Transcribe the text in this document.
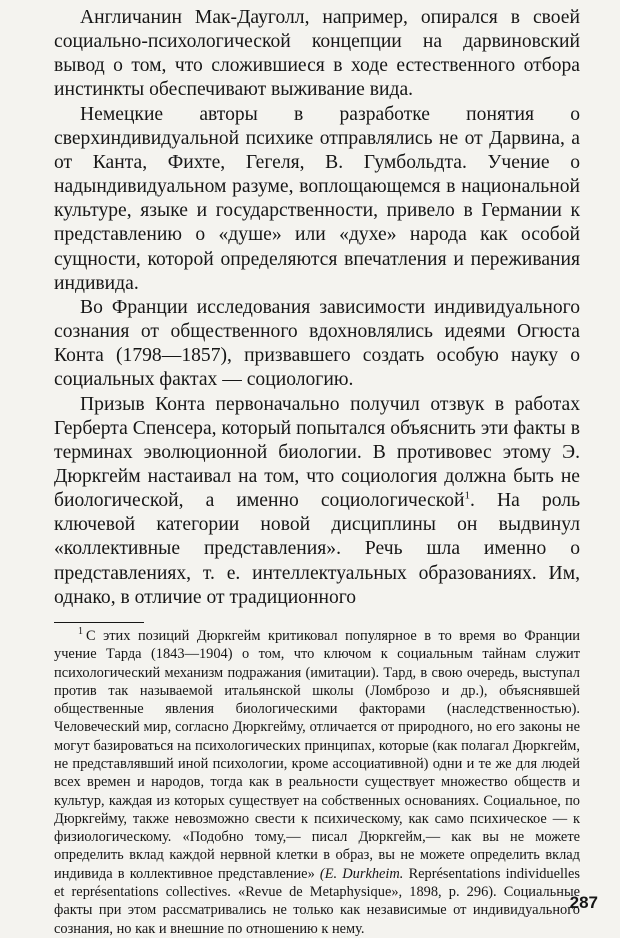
Англичанин Мак-Дауголл, например, опирался в своей социально-психологической концепции на дарвиновский вывод о том, что сложившиеся в ходе естественного отбора инстинкты обеспечивают выживание вида.

Немецкие авторы в разработке понятия о сверхиндивидуальной психике отправлялись не от Дарвина, а от Канта, Фихте, Гегеля, В. Гумбольдта. Учение о надындивидуальном разуме, воплощающемся в национальной культуре, языке и государственности, привело в Германии к представлению о «душе» или «духе» народа как особой сущности, которой определяются впечатления и переживания индивида.

Во Франции исследования зависимости индивидуального сознания от общественного вдохновлялись идеями Огюста Конта (1798—1857), призвавшего создать особую науку о социальных фактах — социологию.

Призыв Конта первоначально получил отзвук в работах Герберта Спенсера, который попытался объяснить эти факты в терминах эволюционной биологии. В противовес этому Э. Дюркгейм настаивал на том, что социология должна быть не биологической, а именно социологической$^1$. На роль ключевой категории новой дисциплины он выдвинул «коллективные представления». Речь шла именно о представлениях, т. е. интеллектуальных образованиях. Им, однако, в отличие от традиционного

$^1$ С этих позиций Дюркгейм критиковал популярное в то время во Франции учение Тарда (1843—1904) о том, что ключом к социальным тайнам служит психологический механизм подражания (имитации). Тард, в свою очередь, выступал против так называемой итальянской школы (Ломброзо и др.), объяснявшей общественные явления биологическими факторами (наследственностью). Человеческий мир, согласно Дюркгейму, отличается от природного, но его законы не могут базироваться на психологических принципах, которые (как полагал Дюркгейм, не представлявший иной психологии, кроме ассоциативной) одни и те же для людей всех времен и народов, тогда как в реальности существует множество обществ и культур, каждая из которых существует на собственных основаниях. Социальное, по Дюркгейму, также невозможно свести к психическому, как само психическое — к физиологическому. «Подобно тому,— писал Дюркгейм,— как вы не можете определить вклад каждой нервной клетки в образ, вы не можете определить вклад индивида в коллективное представление» (E. Durkheim. Représentations individuelles et représentations collectives. «Revue de Metaphysique», 1898, p. 296). Социальные факты при этом рассматривались не только как независимые от индивидуального сознания, но как и внешние по отношению к нему.

287
